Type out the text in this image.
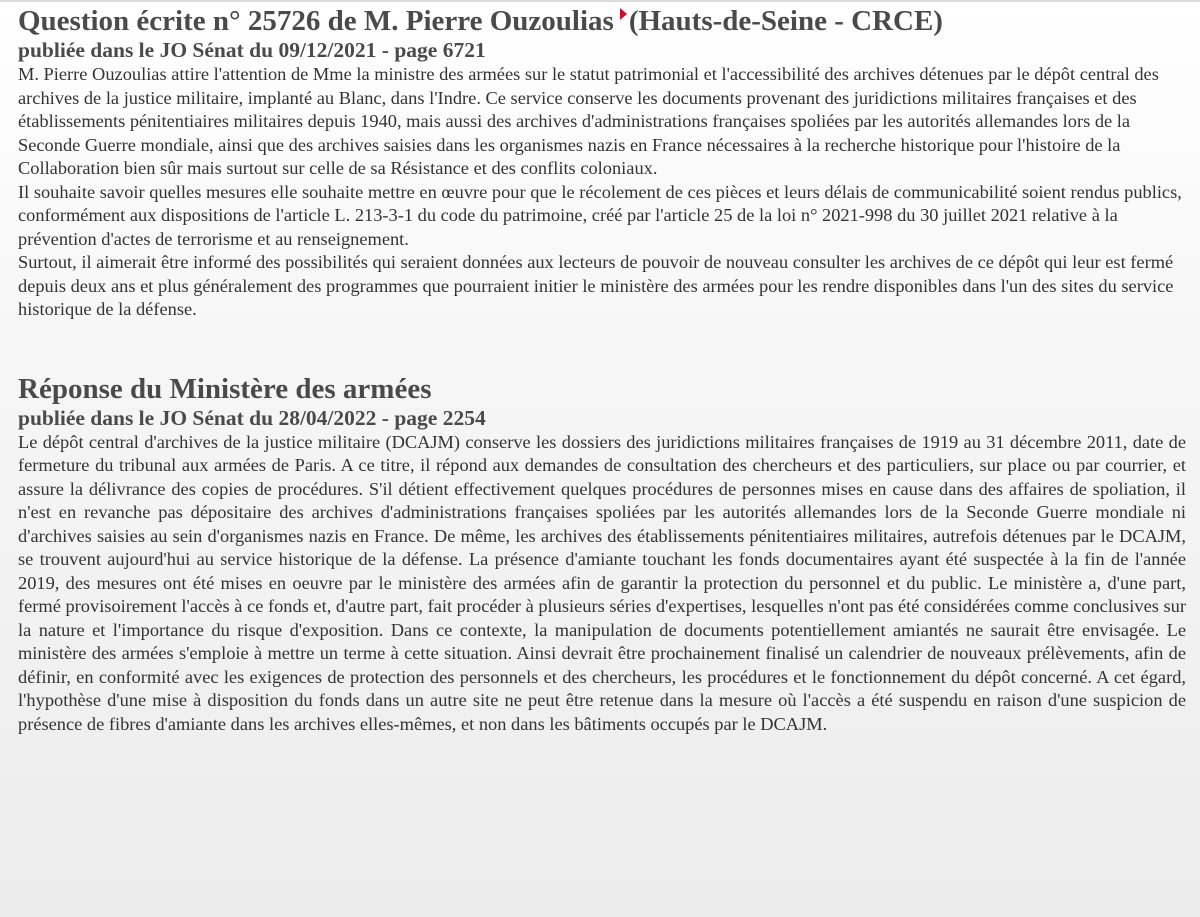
Question écrite n° 25726 de M. Pierre Ouzoulias (Hauts-de-Seine - CRCE)
publiée dans le JO Sénat du 09/12/2021 - page 6721

M. Pierre Ouzoulias attire l'attention de Mme la ministre des armées sur le statut patrimonial et l'accessibilité des archives détenues par le dépôt central des archives de la justice militaire, implanté au Blanc, dans l'Indre. Ce service conserve les documents provenant des juridictions militaires françaises et des établissements pénitentiaires militaires depuis 1940, mais aussi des archives d'administrations françaises spoliées par les autorités allemandes lors de la Seconde Guerre mondiale, ainsi que des archives saisies dans les organismes nazis en France nécessaires à la recherche historique pour l'histoire de la Collaboration bien sûr mais surtout sur celle de sa Résistance et des conflits coloniaux.

Il souhaite savoir quelles mesures elle souhaite mettre en œuvre pour que le récolement de ces pièces et leurs délais de communicabilité soient rendus publics, conformément aux dispositions de l'article L. 213-3-1 du code du patrimoine, créé par l'article 25 de la loi n° 2021-998 du 30 juillet 2021 relative à la prévention d'actes de terrorisme et au renseignement.

Surtout, il aimerait être informé des possibilités qui seraient données aux lecteurs de pouvoir de nouveau consulter les archives de ce dépôt qui leur est fermé depuis deux ans et plus généralement des programmes que pourraient initier le ministère des armées pour les rendre disponibles dans l'un des sites du service historique de la défense.

Réponse du Ministère des armées
publiée dans le JO Sénat du 28/04/2022 - page 2254

Le dépôt central d'archives de la justice militaire (DCAJM) conserve les dossiers des juridictions militaires françaises de 1919 au 31 décembre 2011, date de fermeture du tribunal aux armées de Paris. A ce titre, il répond aux demandes de consultation des chercheurs et des particuliers, sur place ou par courrier, et assure la délivrance des copies de procédures. S'il détient effectivement quelques procédures de personnes mises en cause dans des affaires de spoliation, il n'est en revanche pas dépositaire des archives d'administrations françaises spoliées par les autorités allemandes lors de la Seconde Guerre mondiale ni d'archives saisies au sein d'organismes nazis en France. De même, les archives des établissements pénitentiaires militaires, autrefois détenues par le DCAJM, se trouvent aujourd'hui au service historique de la défense. La présence d'amiante touchant les fonds documentaires ayant été suspectée à la fin de l'année 2019, des mesures ont été mises en oeuvre par le ministère des armées afin de garantir la protection du personnel et du public. Le ministère a, d'une part, fermé provisoirement l'accès à ce fonds et, d'autre part, fait procéder à plusieurs séries d'expertises, lesquelles n'ont pas été considérées comme conclusives sur la nature et l'importance du risque d'exposition. Dans ce contexte, la manipulation de documents potentiellement amiantés ne saurait être envisagée. Le ministère des armées s'emploie à mettre un terme à cette situation. Ainsi devrait être prochainement finalisé un calendrier de nouveaux prélèvements, afin de définir, en conformité avec les exigences de protection des personnels et des chercheurs, les procédures et le fonctionnement du dépôt concerné. A cet égard, l'hypothèse d'une mise à disposition du fonds dans un autre site ne peut être retenue dans la mesure où l'accès a été suspendu en raison d'une suspicion de présence de fibres d'amiante dans les archives elles-mêmes, et non dans les bâtiments occupés par le DCAJM.
